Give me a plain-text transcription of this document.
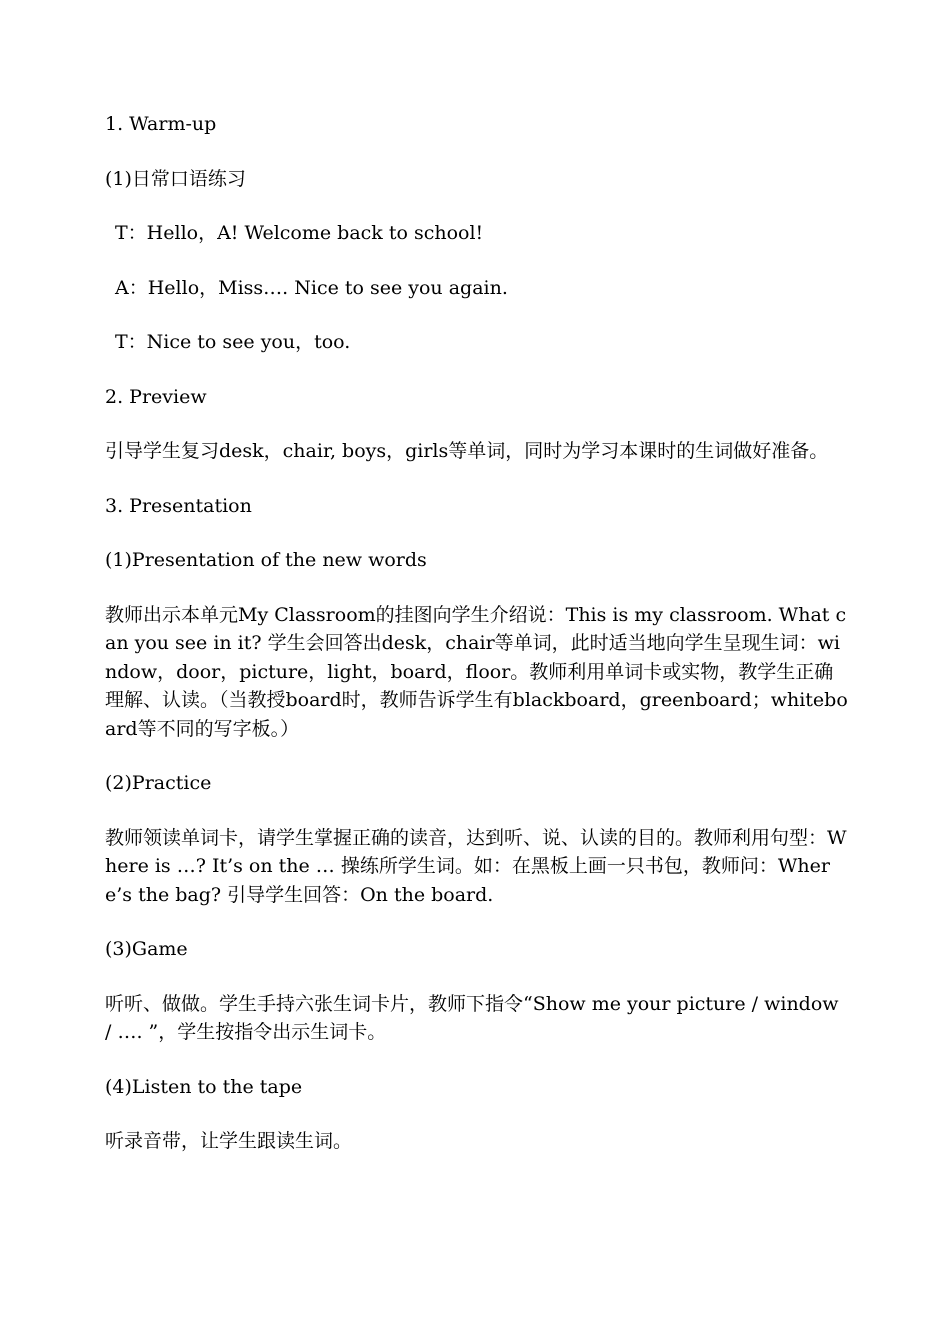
1. Warm-up

(1)日常口语练习

T：Hello，A! Welcome back to school!

A：Hello，Miss…. Nice to see you again.

T：Nice to see you，too.

2. Preview

引导学生复习desk，chair, boys，girls等单词，同时为学习本课时的生词做好准备。

3. Presentation

(1)Presentation of the new words

教师出示本单元My Classroom的挂图向学生介绍说：This is my classroom. What can you see in it? 学生会回答出desk，chair等单词，此时适当地向学生呈现生词：window，door，picture，light，board，floor。教师利用单词卡或实物，教学生正确理解、认读。（当教授board时，教师告诉学生有blackboard，greenboard；whiteboard等不同的写字板。）

(2)Practice

教师领读单词卡，请学生掌握正确的读音，达到听、说、认读的目的。教师利用句型：Where is …? It’s on the … 操练所学生词。如：在黑板上画一只书包，教师问：Where’s the bag? 引导学生回答：On the board.

(3)Game

听听、做做。学生手持六张生词卡片，教师下指令“Show me your picture / window / …. ”，学生按指令出示生词卡。

(4)Listen to the tape

听录音带，让学生跟读生词。
